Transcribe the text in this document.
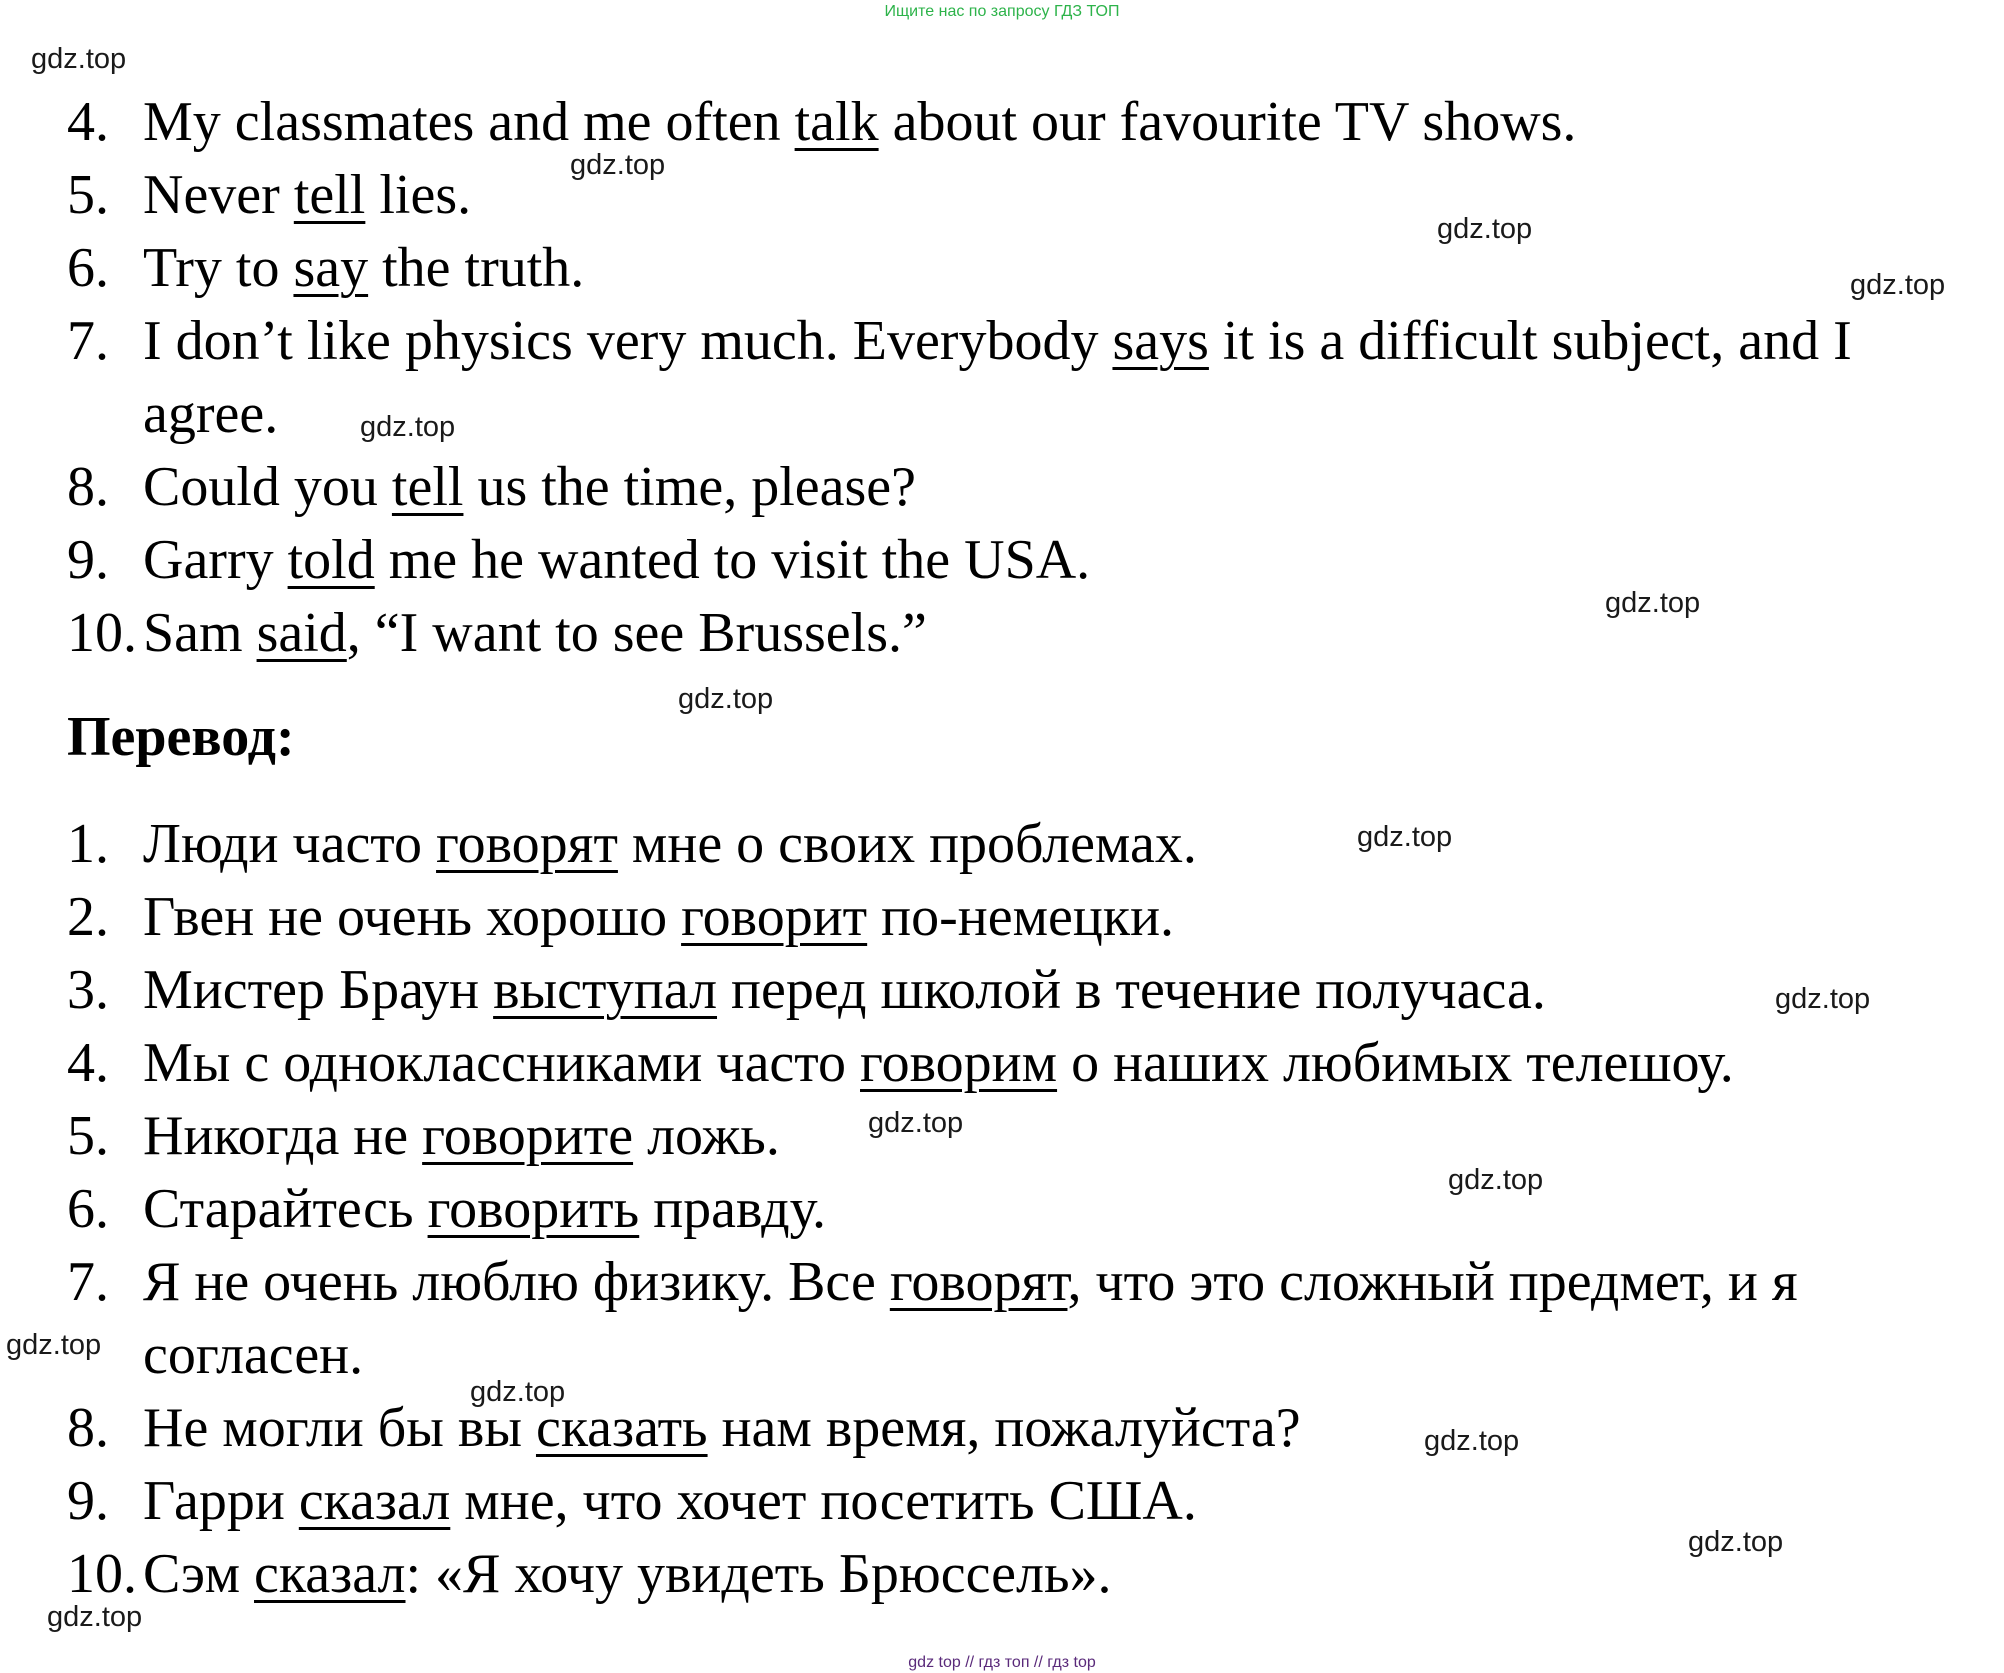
Ищите нас по запросу ГДЗ ТОП
4. My classmates and me often talk about our favourite TV shows.
5. Never tell lies.
6. Try to say the truth.
7. I don’t like physics very much. Everybody says it is a difficult subject, and I
agree.
8. Could you tell us the time, please?
9. Garry told me he wanted to visit the USA.
10. Sam said, “I want to see Brussels.”
Перевод:
1. Люди часто говорят мне о своих проблемах.
2. Гвен не очень хорошо говорит по-немецки.
3. Мистер Браун выступал перед школой в течение получаса.
4. Мы с одноклассниками часто говорим о наших любимых телешоу.
5. Никогда не говорите ложь.
6. Старайтесь говорить правду.
7. Я не очень люблю физику. Все говорят, что это сложный предмет, и я
согласен.
8. Не могли бы вы сказать нам время, пожалуйста?
9. Гарри сказал мне, что хочет посетить США.
10. Сэм сказал: «Я хочу увидеть Брюссель».
gdz.top
gdz.top
gdz.top
gdz.top
gdz.top
gdz.top
gdz.top
gdz.top
gdz.top
gdz.top
gdz.top
gdz.top
gdz.top
gdz.top
gdz.top
gdz.top
gdz top // гдз топ // гдз top
